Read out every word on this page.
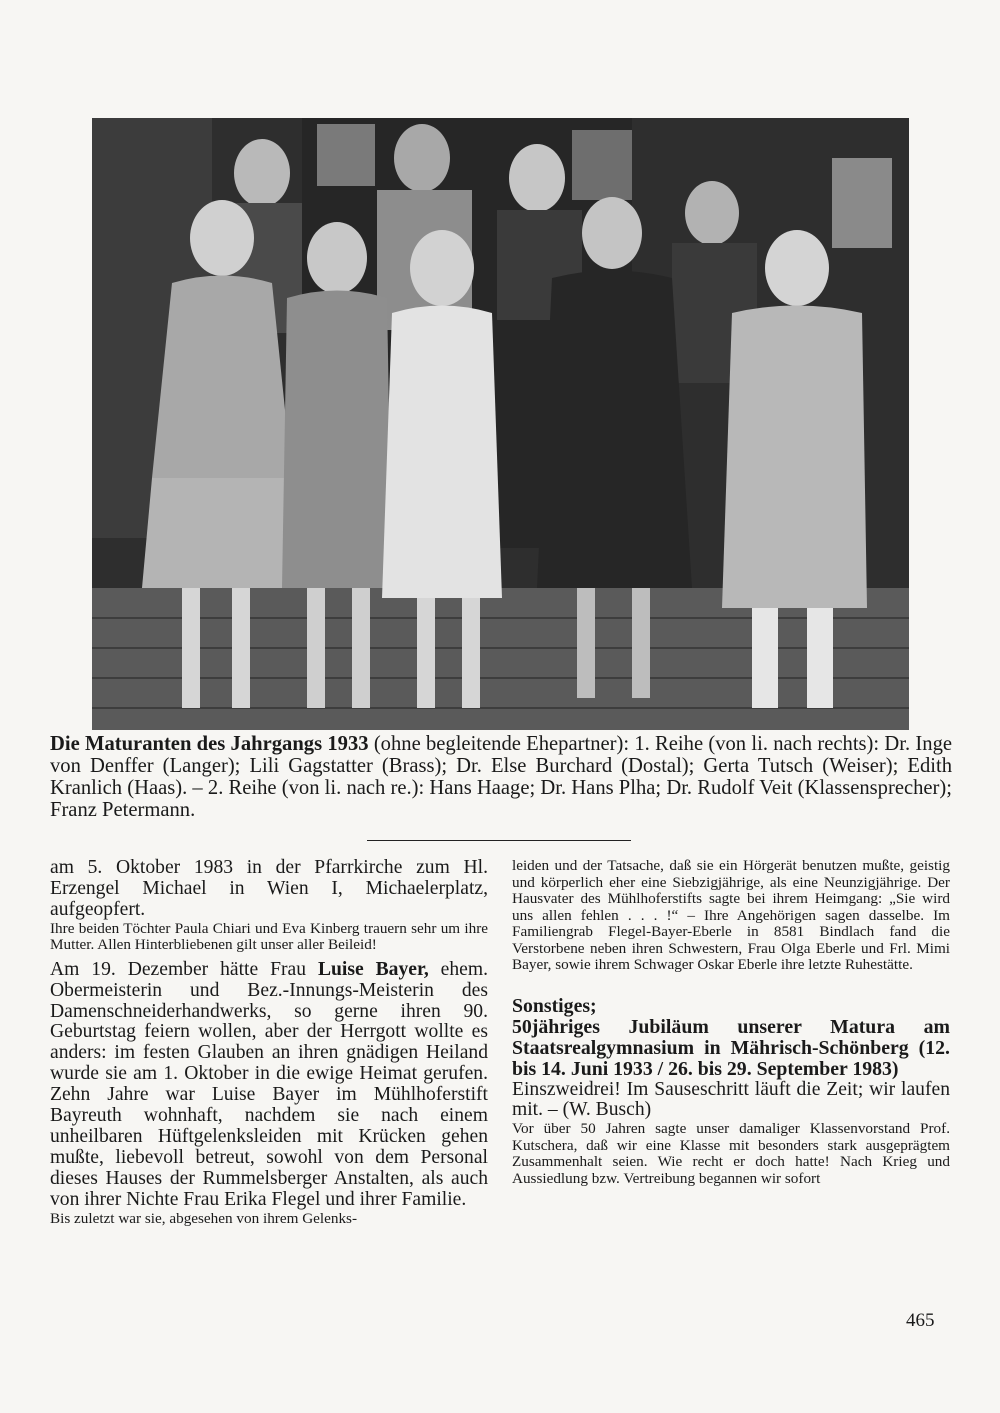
Die Maturanten des Jahrgangs 1933 (ohne begleitende Ehepartner): 1. Reihe (von li. nach rechts): Dr. Inge von Denffer (Langer); Lili Gagstatter (Brass); Dr. Else Burchard (Dostal); Gerta Tutsch (Weiser); Edith Kranlich (Haas). – 2. Reihe (von li. nach re.): Hans Haage; Dr. Hans Plha; Dr. Rudolf Veit (Klassensprecher); Franz Petermann.

am 5. Oktober 1983 in der Pfarrkirche zum Hl. Erzengel Michael in Wien I, Michaelerplatz, aufgeopfert.

Ihre beiden Töchter Paula Chiari und Eva Kinberg trauern sehr um ihre Mutter. Allen Hinterbliebenen gilt unser aller Beileid!

Am 19. Dezember hätte Frau Luise Bayer, ehem. Obermeisterin und Bez.-Innungs-Meisterin des Damenschneiderhandwerks, so gerne ihren 90. Geburtstag feiern wollen, aber der Herrgott wollte es anders: im festen Glauben an ihren gnädigen Heiland wurde sie am 1. Oktober in die ewige Heimat gerufen. Zehn Jahre war Luise Bayer im Mühlhoferstift Bayreuth wohnhaft, nachdem sie nach einem unheilbaren Hüftgelenksleiden mit Krücken gehen mußte, liebevoll betreut, sowohl von dem Personal dieses Hauses der Rummelsberger Anstalten, als auch von ihrer Nichte Frau Erika Flegel und ihrer Familie.

Bis zuletzt war sie, abgesehen von ihrem Gelenks-

leiden und der Tatsache, daß sie ein Hörgerät benutzen mußte, geistig und körperlich eher eine Siebzigjährige, als eine Neunzigjährige. Der Hausvater des Mühlhoferstifts sagte bei ihrem Heimgang: „Sie wird uns allen fehlen . . . !“ – Ihre Angehörigen sagen dasselbe. Im Familiengrab Flegel-Bayer-Eberle in 8581 Bindlach fand die Verstorbene neben ihren Schwestern, Frau Olga Eberle und Frl. Mimi Bayer, sowie ihrem Schwager Oskar Eberle ihre letzte Ruhestätte.

Sonstiges;

50jähriges Jubiläum unserer Matura am Staatsrealgymnasium in Mährisch-Schönberg (12. bis 14. Juni 1933 / 26. bis 29. September 1983)

Einszweidrei! Im Sauseschritt läuft die Zeit; wir laufen mit. – (W. Busch)

Vor über 50 Jahren sagte unser damaliger Klassenvorstand Prof. Kutschera, daß wir eine Klasse mit besonders stark ausgeprägtem Zusammenhalt seien. Wie recht er doch hatte! Nach Krieg und Aussiedlung bzw. Vertreibung begannen wir sofort

465
